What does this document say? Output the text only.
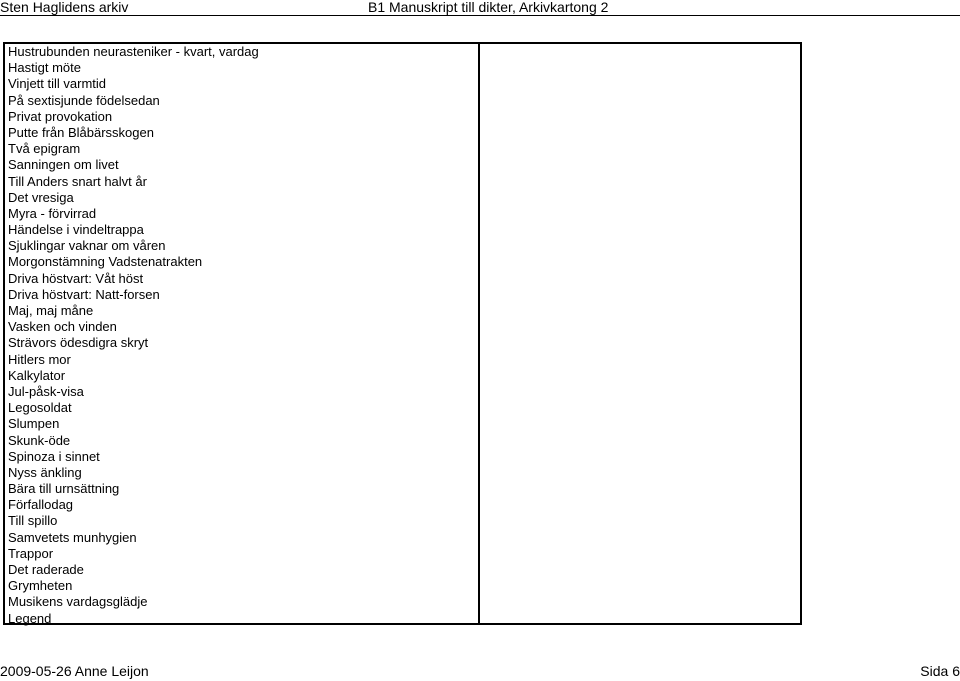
Sten Haglidens arkiv	B1 Manuskript till dikter, Arkivkartong 2
Hustrubunden neurasteniker - kvart, vardag
Hastigt möte
Vinjett till varmtid
På sextisjunde födelsedan
Privat provokation
Putte från Blåbärsskogen
Två epigram
Sanningen om livet
Till Anders snart halvt år
Det vresiga
Myra - förvirrad
Händelse i vindeltrappa
Sjuklingar vaknar om våren
Morgonstämning Vadstenatrakten
Driva höstvart: Våt höst
Driva höstvart: Natt-forsen
Maj, maj måne
Vasken och vinden
Strävors ödesdigra skryt
Hitlers mor
Kalkylator
Jul-påsk-visa
Legosoldat
Slumpen
Skunk-öde
Spinoza i sinnet
Nyss änkling
Bära till urnsättning
Förfallodag
Till spillo
Samvetets munhygien
Trappor
Det raderade
Grymheten
Musikens vardagsglädje
Legend
2009-05-26 Anne Leijon	Sida 6
